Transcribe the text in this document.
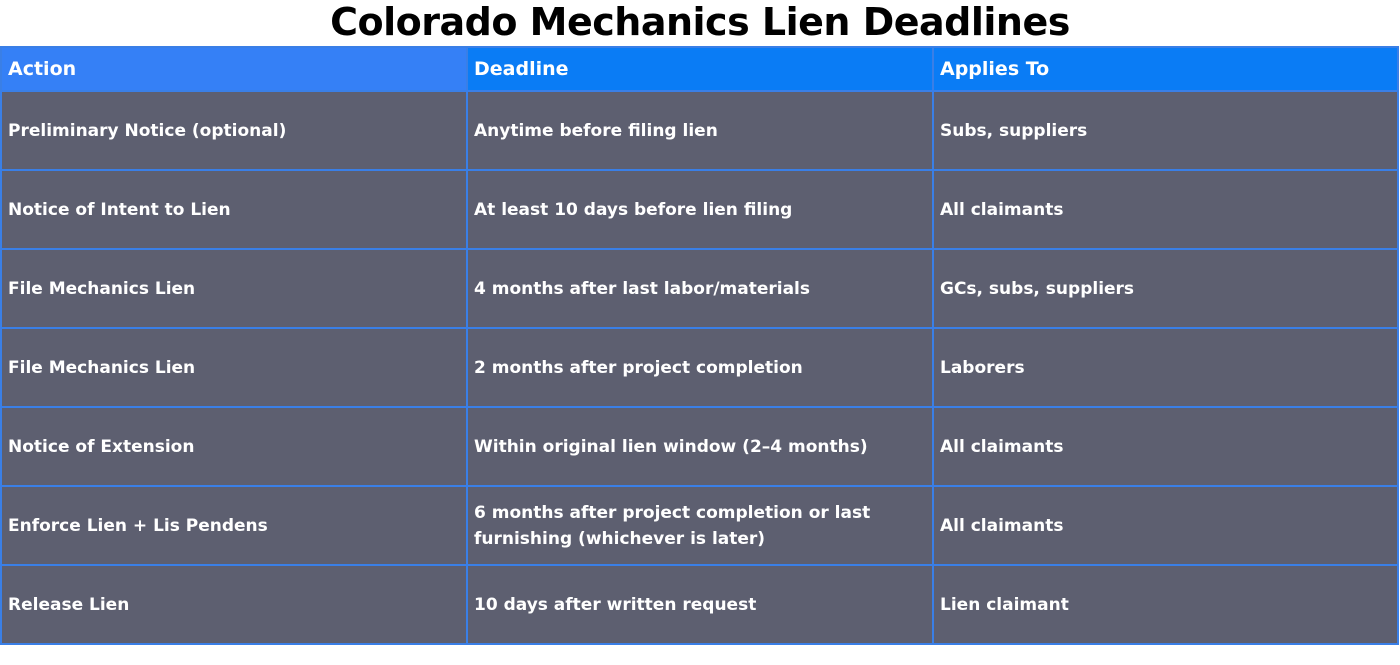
Colorado Mechanics Lien Deadlines
Action	Deadline	Applies To
Preliminary Notice (optional)	Anytime before filing lien	Subs, suppliers
Notice of Intent to Lien	At least 10 days before lien filing	All claimants
File Mechanics Lien	4 months after last labor/materials	GCs, subs, suppliers
File Mechanics Lien	2 months after project completion	Laborers
Notice of Extension	Within original lien window (2–4 months)	All claimants
Enforce Lien + Lis Pendens	6 months after project completion or last furnishing (whichever is later)	All claimants
Release Lien	10 days after written request	Lien claimant
